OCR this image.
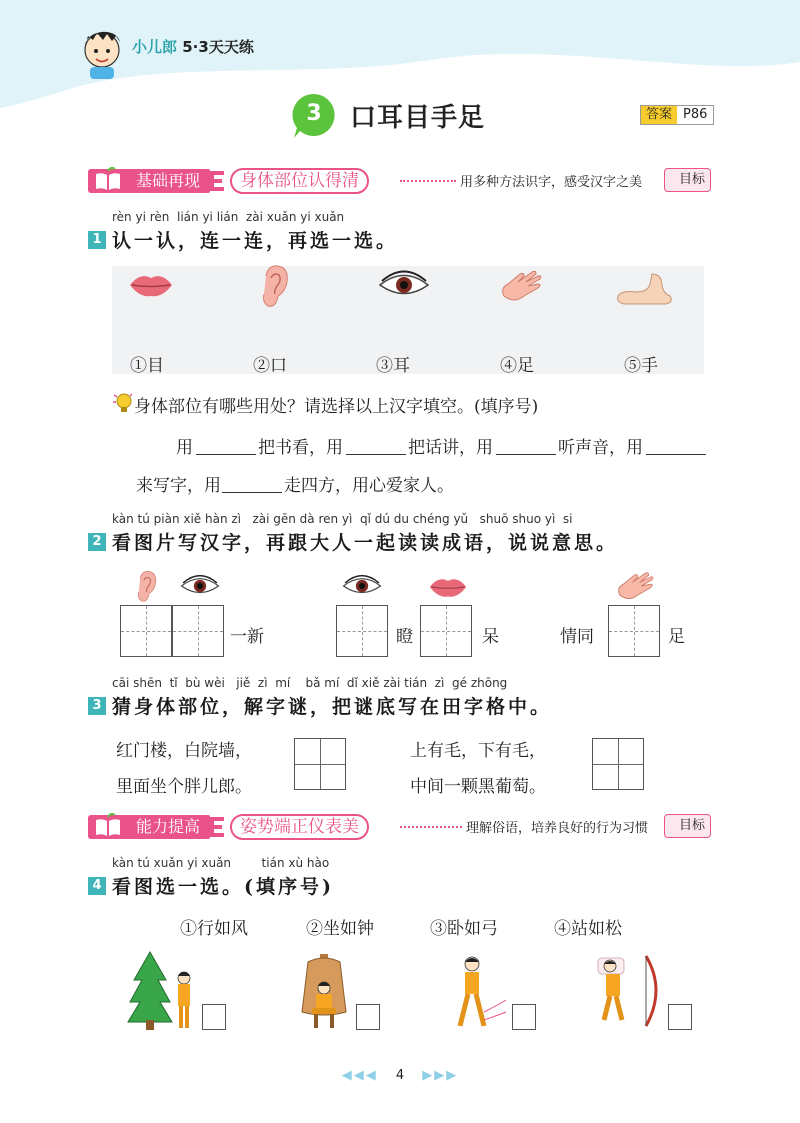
小儿郎 5·3天天练
3 口耳目手足	答案 P86
基础再现	身体部位认得清	用多种方法识字，感受汉字之美	目标
rèn yi rèn  lián yi lián  zài xuǎn yi xuǎn
1 认一认，连一连，再选一选。
①目	②口	③耳	④足	⑤手
身体部位有哪些用处？请选择以上汉字填空。(填序号)
用	把书看，用	把话讲，用	听声音，用
来写字，用	走四方，用心爱家人。
kàn tú piàn xiě hàn zì   zài gēn dà ren yì  qǐ dú du chéng yǔ   shuō shuo yì  si
2 看图片写汉字，再跟大人一起读读成语，说说意思。
一新	瞪	呆	情同	足
cāi shēn  tǐ  bù wèi   jiě  zì  mí    bǎ mí  dǐ xiě zài tián  zì  gé zhōng
3 猜身体部位，解字谜，把谜底写在田字格中。
红门楼，白院墙，
里面坐个胖儿郎。
上有毛，下有毛，
中间一颗黑葡萄。
能力提高	姿势端正仪表美	理解俗语，培养良好的行为习惯	目标
kàn tú xuǎn yi xuǎn        tián xù hào
4 看图选一选。(填序号)
①行如风	②坐如钟	③卧如弓	④站如松
◀◀◀ 4 ▶▶▶
